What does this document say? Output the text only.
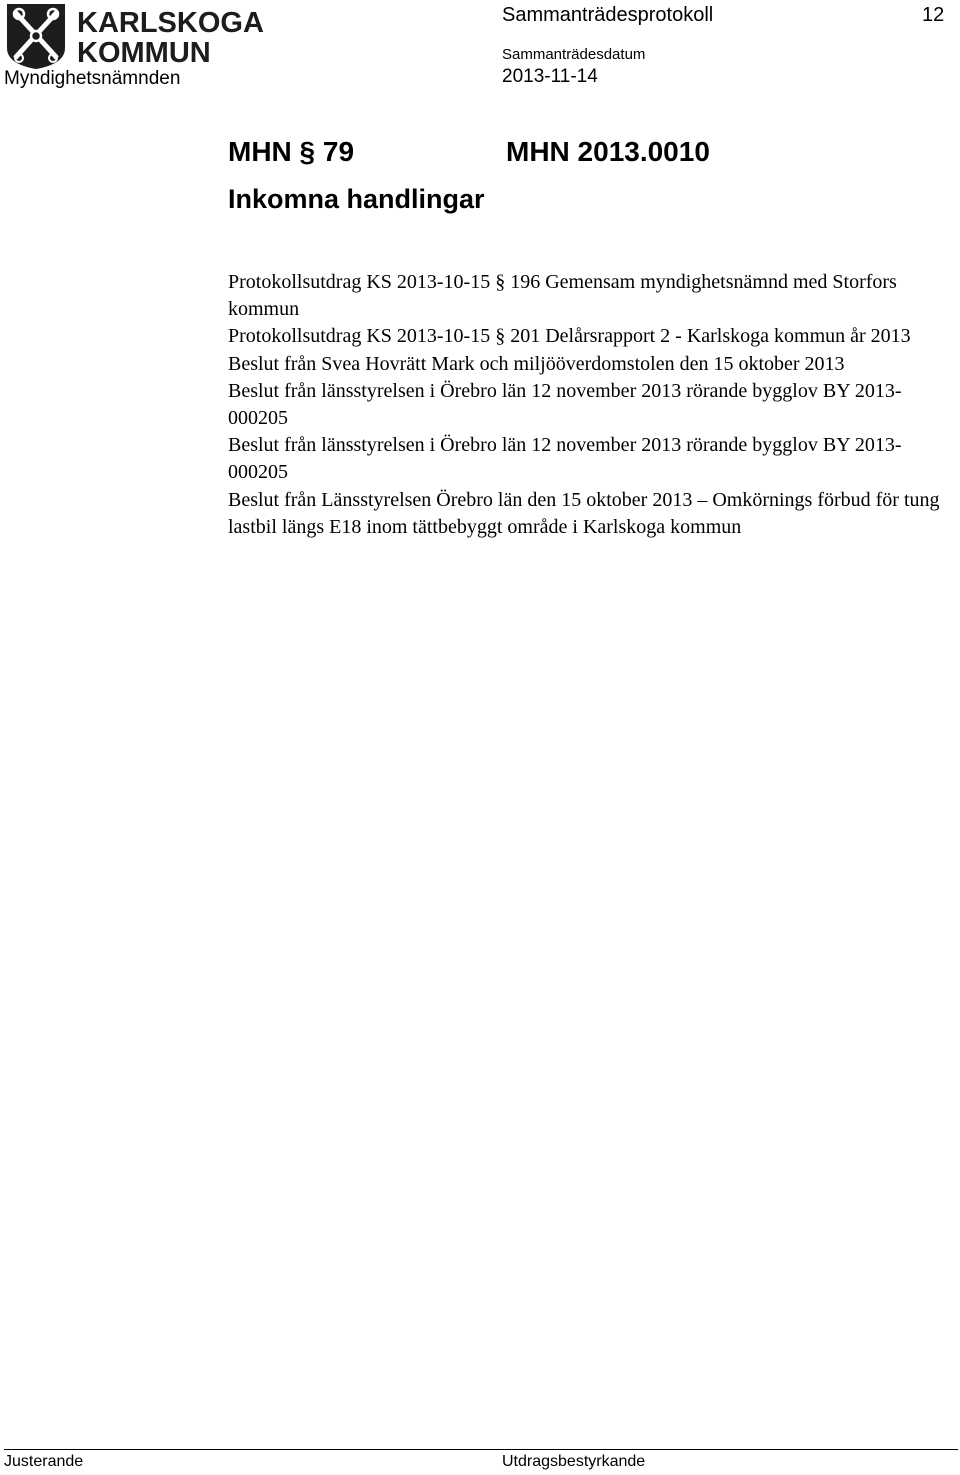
KARLSKOGA
KOMMUN
Myndighetsnämnden
Sammanträdesprotokoll	12
Sammanträdesdatum
2013-11-14
MHN § 79	MHN 2013.0010
Inkomna handlingar

Protokollsutdrag KS 2013-10-15 § 196 Gemensam myndighetsnämnd med Storfors kommun

Protokollsutdrag KS 2013-10-15 § 201 Delårsrapport 2 - Karlskoga kommun år 2013

Beslut från Svea Hovrätt Mark och miljööverdomstolen den 15 oktober 2013

Beslut från länsstyrelsen i Örebro län 12 november 2013 rörande bygglov BY 2013-000205

Beslut från länsstyrelsen i Örebro län 12 november 2013 rörande bygglov BY 2013-000205

Beslut från Länsstyrelsen Örebro län den 15 oktober 2013 – Omkörnings förbud för tung lastbil längs E18 inom tättbebyggt område i Karlskoga kommun

Justerande	Utdragsbestyrkande
